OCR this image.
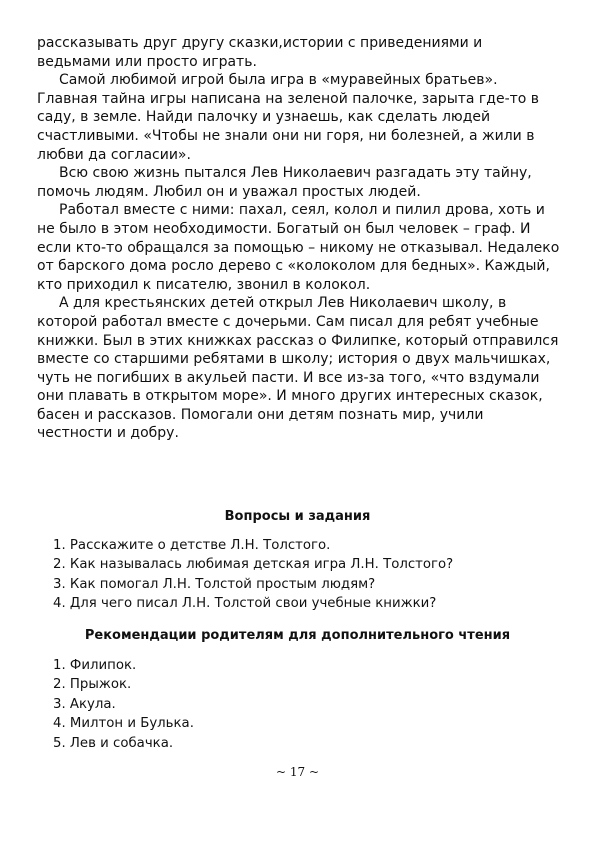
рассказывать друг другу сказки,истории с приведениями и
ведьмами или просто играть.
Самой любимой игрой была игра в «муравейных братьев».
Главная тайна игры написана на зеленой палочке, зарыта где-то в
саду, в земле. Найди палочку и узнаешь, как сделать людей
счастливыми. «Чтобы не знали они ни горя, ни болезней, а жили в
любви да согласии».
Всю свою жизнь пытался Лев Николаевич разгадать эту тайну,
помочь людям. Любил он и уважал простых людей.
Работал вместе с ними: пахал, сеял, колол и пилил дрова, хоть и
не было в этом необходимости. Богатый он был человек – граф. И
если кто-то обращался за помощью – никому не отказывал. Недалеко
от барского дома росло дерево с «колоколом для бедных». Каждый,
кто приходил к писателю, звонил в колокол.
А для крестьянских детей открыл Лев Николаевич школу, в
которой работал вместе с дочерьми. Сам писал для ребят учебные
книжки. Был в этих книжках рассказ о Филипке, который отправился
вместе со старшими ребятами в школу; история о двух мальчишках,
чуть не погибших в акульей пасти. И все из-за того, «что вздумали
они плавать в открытом море». И много других интересных сказок,
басен и рассказов. Помогали они детям познать мир, учили
честности и добру.
Вопросы и задания
1. Расскажите о детстве Л.Н. Толстого.
2. Как называлась любимая детская игра Л.Н. Толстого?
3. Как помогал Л.Н. Толстой простым людям?
4. Для чего писал Л.Н. Толстой свои учебные книжки?
Рекомендации родителям для дополнительного чтения
1. Филипок.
2. Прыжок.
3. Акула.
4. Милтон и Булька.
5. Лев и собачка.
~ 17 ~
